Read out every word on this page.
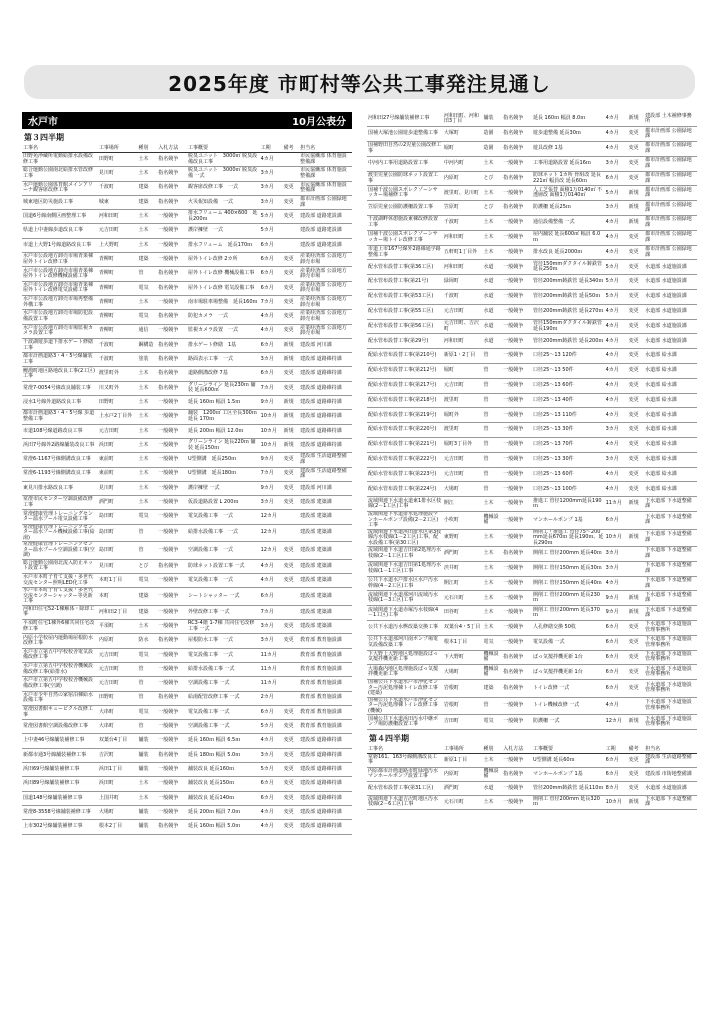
2025年度 市町村等公共工事発注見通し
水戸市	10月公表分
第３四半期
工事名	工事場所	種別	入札方法	工事概要	工期	備考	担当名
田野苑浄蔵所電動給排水設備改修工事	田野町	土木	指名競争	脱臭ユニット　3000㎥ 脱臭設備改良工事	4カ月		市民協働部 体育施設整備課
総合運動公園南北給排水管改修工事	見川町	土木	指名競争	脱臭ユニット　3000㎥ 脱臭設備 一式	3カ月		市民協働部 体育施設整備課
水戸運動公園体育館メインアリーナ観客席改修工事	千波町	建築	指名競争	観客席改修工事　一式	3カ月	変更	市民協働部 体育施設整備課
城東地区防災施設工事	城東	建築	指名競争	火災報知設備　一式	3カ月	変更	都市計画部 公園緑地課
国道6号線南側区画整理工事	河和田町	土木	一般競争	排水フリューム 400×600　延長200ｍ	5カ月	変更	建設部 道路建設課
県道上中妻線歩道改良工事	元吉田町	土木	一般競争	護岸擁壁　一式	5カ月		建設部 道路建設課
市道上大野1号線道路改良工事	上大野町	土木	一般競争	排水フリューム　延長170ｍ	6カ月		建設部 道路建設課
水戸市公設地方卸売市場青果棟屋外トイレ改修工事	青柳町	建築	一般競争	屋外トイレ改修 2カ所	6カ月	変更	産業経済部 公設地方卸売市場
水戸市公設地方卸売市場青果棟屋外トイレ改修機械設備工事	青柳町	管	指名競争	屋外トイレ改修 機械設備工事	6カ月	変更	産業経済部 公設地方卸売市場
水戸市公設地方卸売市場青果棟屋外トイレ改修電気設備工事	青柳町	電気	指名競争	屋外トイレ改修 電気設備工事	6カ月	変更	産業経済部 公設地方卸売市場
水戸市公設地方卸売市場再整備外構工事	青柳町	土木	一般競争	南市場駐車場整備　延長160ｍ	7カ月	変更	産業経済部 公設地方卸売市場
水戸市公設地方卸売市場防犯設備設置工事	青柳町	電気	指名競争	防犯カメラ　一式	4カ月	変更	産業経済部 公設地方卸売市場
水戸市公設地方卸売市場監視カメラ設置工事	青柳町	通信	一般競争	監視カメラ設置　一式	4カ月	変更	産業経済部 公設地方卸売市場
千波湖遊歩道下排水ゲート修繕工事	千波町	鋼構造	指名競争	排水ゲート修繕　1基	6カ月	新規	建設部 河川課
都市計画道路3・4・5号線舗装工事	千波町	塗装	指名競争	路面表示工事　一式	3カ月	新規	建設部 道路維持課
鯉淵町地区路地改良工事(2工区)工事	渡里町外	土木	指名競争	道路側溝改修 7基	6カ月	変更	建設部 道路維持課
常澄7-0054号線改良舗装工事	川又町外	土木	指名競争	グリーンライン 延長230ｍ 舗装 延長600㎡	7カ月	変更	建設部 道路維持課
浸水1号線外道路改良工事	田野町	土木	一般競争	延長 160ｍ 幅員 1.5ｍ	9カ月	新規	建設部 道路維持課
都市計画道路3・4・5号線 歩道整備工事	上水戸2丁目外	土木	一般競争	舗装　1200㎡ 工区全長300ｍ 延長 170ｍ	10カ月	新規	建設部 道路維持課
市道108号線道路改良工事	元吉田町	土木	一般競争	延長 200ｍ 幅員 12.0ｍ	10カ月	新規	建設部 道路維持課
浜田7号線外2路線舗装改良工事	浜田町	土木	一般競争	グリーンライン 延長220ｍ 舗装 延長150ｍ	10カ月	新規	建設部 道路維持課
常澄6-1167号線側溝改良工事	東前町	土木	一般競争	U型側溝　延長250ｍ	9カ月	変更	建設部 生活道路整備課
常澄6-1193号線側溝改良工事	東前町	土木	一般競争	U型側溝　延長180ｍ	7カ月	変更	建設部 生活道路整備課
東見川排水路改良工事	見川町	土木	一般競争	護岸擁壁 一式	9カ月	変更	建設部 河川課
常澄市民センター空調設備改修工事	酒門町	土木	一般競争	仮設道路設置 L 200ｍ	3カ月	変更	建設部 建築課
常澄健康管理トレーニングセンター温水プール電気設備工事	島田町	電気	一般競争	電気設備工事　一式	12カ月		建設部 建築課
常澄健康管理トレーニングセンター温水プール機械設備工事(給湯)	島田町	管	一般競争	給排水設備工事　一式	12カ月		建設部 建築課
常澄健康管理トレーニングセンター温水プール空調設備工事(空調)	島田町	管	一般競争	空調設備工事　一式	12カ月	変更	建設部 建築課
総合運動公園南北流入防止ネット設置工事	見川町	とび	指名競争	防球ネット設置工事 一式	4カ月	変更	建設部 建築課
水戸市本町子育て支援・多世代交流センター照明LED化工事	本町1丁目	電気	一般競争	電気設備工事　一式	4カ月	変更	建設部 建築課
水戸市本町子育て支援・多世代交流センターシャッター等更新工事	本町	建築	一般競争	シートシャッター 一式	6カ月		建設部 建築課
河和田住宅52-1棟解体・除却工事	河和田2丁目	建築	一般競争	外壁改修工事 一式	7カ月		建設部 建築課
平須町住宅1棟外6棟共同住宅改修工事	平須町	土木	一般競争	RC3-4階 1-7棟 共同住宅改修工事 一式	3カ月	変更	建設部 建築課
内原小学校屋内運動場屋根防水改修工事	内原町	防水	指名競争	屋根防水工事　一式	3カ月	変更	教育部 教育施設課
水戸市立第五中学校校舎電気設備改修工事	元吉田町	電気	一般競争	電気設備工事　一式	11カ月		教育部 教育施設課
水戸市立第五中学校校舎機械設備改修工事(給排水)	元吉田町	管	一般競争	給排水設備工事 一式	11カ月		教育部 教育施設課
水戸市立第五中学校校舎機械設備改修工事(空調)	元吉田町	管	一般競争	空調設備工事 一式	11カ月		教育部 教育施設課
水戸市少年自然の家宿泊棟給水設備工事	田野町	管	指名競争	給湯配管改修工事 一式	2カ月		教育部 教育施設課
常澄図書館キュービクル改修工事	大串町	電気	一般競争	電気設備工事 一式	6カ月	変更	教育部 教育施設課
常澄図書館空調設備改修工事	大串町	管	一般競争	空調設備工事 一式	5カ月	変更	教育部 教育施設課
上中妻46号線舗装補修工事	双葉台4丁目	舗装	一般競争	延長 160ｍ 幅員 6.5ｍ	4カ月	変更	建設部 道路維持課
新都市通3号線舗装補修工事	吉沢町	舗装	指名競争	延長 180ｍ 幅員 5.0ｍ	3カ月	変更	建設部 道路維持課
浜田69号線舗装補修工事	浜田1丁目	舗装	一般競争	舗装改良 延長160ｍ	5カ月	変更	建設部 道路維持課
浜田89号線舗装補修工事	浜田町	土木	一般競争	舗装改良 延長150ｍ	6カ月	変更	建設部 道路維持課
国道148号線舗装補修工事	上国井町	土木	一般競争	舗装改良 延長140ｍ	6カ月	変更	建設部 道路維持課
常澄8-3558号線舗装補修工事	大場町	舗装	一般競争	延長 200ｍ 幅員 7.0ｍ	4カ月	変更	建設部 道路維持課
上市302号線舗装補修工事	根本2丁目	舗装	指名競争	延長 160ｍ 幅員 5.0ｍ	4カ月	変更	建設部 道路維持課
河和田27号線舗装補修工事	河和田町、河和田3丁目	舗装	指名競争	延長 160ｍ 幅員 8.0ｍ	4カ月	新規	建設部 土木補修事務所
国補大塚池公園遊歩道整備工事	大塚町	造園	指名競争	遊歩道整備 延長30ｍ	4カ月	変更	都市計画部 公園緑地課
国補野田自然の2児童公園改修工事	堀町	造園	指名競争	遊具改修 1基	4カ月	変更	都市計画部 公園緑地課
中河内工事用道路設置工事	中河内町	土木	一般競争	工事用道路設置 延長16ｍ	3カ月	変更	都市計画部 公園緑地課
渡里児童公園防球ネット設置工事	内原町	とび	指名競争	防球ネット 1カ所 骨組改 延長221㎡ 幅員改 延長60ｍ	6カ月	変更	都市計画部 公園緑地課
国補千波公園スポレクゾーンサッカー場補修工事	渡里町、見川町	土木	一般競争	人工芝張替 面積1万0140㎡ 不透層改 面積1万0140㎡	5カ月	新規	都市計画部 公園緑地課
笠原児童公園防護柵設置工事	笠原町	とび	指名競争	防護柵 延長25ｍ	3カ月	新規	都市計画部 公園緑地課
千波湖畔休憩施設東棟改修設置工事	千波町	土木	一般競争	通信設備整備 一式	4カ月	新規	都市計画部 公園緑地課
国補千波公園スポレクゾーンサッカー場トイレ改修工事	河和田町	土木	一般競争	屋内舗装 延長600㎡ 幅員 6.0ｍ	4カ月	変更	都市計画部 公園緑地課
市道上市167号線外2路線通学路整備工事	五軒町1丁目外	土木	一般競争	排水改良 延長2000ｍ	4カ月	変更	都市計画部 公園緑地課
配水管布設替工事(第36工区)	河和田町	水道	一般競争	管径150mmダクタイル鋳鉄管 延長250ｍ	5カ月	変更	水道部 水道施設課
配水管布設替工事(第21号)	緑岡町	水道	一般競争	管径200mm鋳鉄管 延長340ｍ	5カ月	変更	水道部 水道施設課
配水管布設替工事(第53工区)	千波町	水道	一般競争	管径200mm鋳鉄管 延長50ｍ	5カ月	変更	水道部 水道施設課
配水管布設替工事(第55工区)	元吉田町	水道	一般競争	管径200mm鋳鉄管 延長270ｍ	4カ月	変更	水道部 水道施設課
配水管布設替工事(第56工区)	元吉田町、吉沢町	水道	一般競争	管径150mmダクタイル鋳鉄管 延長190ｍ	4カ月	変更	水道部 水道施設課
配水管布設替工事(第29号)	河和田町	水道	一般競争	管径200mm鋳鉄管 延長200ｍ	4カ月	変更	水道部 水道施設課
配給水管布設替工事(第210号)	新原1・2丁目	管	一般競争	口径25～13 120件	4カ月	変更	水道部 給水課
配給水管布設替工事(第212号)	堀町	管	一般競争	口径25～13 50件	4カ月	変更	水道部 給水課
配給水管布設替工事(第217号)	元吉田町	管	一般競争	口径25～13 60件	4カ月	変更	水道部 給水課
配給水管布設替工事(第218号)	渡里町	管	一般競争	口径25～13 40件	4カ月	変更	水道部 給水課
配給水管布設替工事(第219号)	堀町外	管	一般競争	口径25～13 110件	4カ月	変更	水道部 給水課
配給水管布設替工事(第220号)	渡里町	管	一般競争	口径25～13 30件	3カ月	変更	水道部 給水課
配給水管布設替工事(第221号)	堀町3丁目外	管	一般競争	口径25～13 70件	4カ月	変更	水道部 給水課
配給水管布設替工事(第222号)	元吉田町	管	一般競争	口径25～13 30件	3カ月	変更	水道部 給水課
配給水管布設替工事(第223号)	元吉田町	管	一般競争	口径25～13 60件	4カ月	変更	水道部 給水課
配給水管布設替工事(第224号)	大場町	管	一般競争	口径25～13 100件	4カ月	変更	水道部 給水課
流域関連下水道水道東1排水区枝線(2－1工区)工事	開江	土木	一般競争	推進工 管径1200mm延長190ｍ	11カ月	新規	下水道部 下水道整備課
流域関連下水道排水処理施設マンホールポンプ設備(2－2工区)工事	小吹町	機械設備	一般競争	マンホールポンプ 1基	6カ月		下水道部 下水道整備課
流域関連下水道浜田排水区第3枝線汚水枝線(1－2工区)工事、配水設備工事(第30工区)	東野町	土木	一般競争	開削工・推進工 管径75～200mm延長670ｍ 延長190ｍ、延長290ｍ	10カ月	新規	下水道部 下水道整備課
流域関連下水道吉田第2処理汚水枝線(2－1工区)工事	酒門町	土木	指名競争	開削工 管径200mm 延長40ｍ	3カ月		下水道部 下水道整備課
流域関連下水道吉田第1処理汚水枝線(1－1工区)工事	渋井町	土木	一般競争	開削工 管径150mm 延長30ｍ	3カ月		下水道部 下水道整備課
公共下水道水戸排水区水戸汚水幹線(4－2工区)工事	開江町	土木	一般競争	開削工 管径150mm 延長40ｍ	4カ月		下水道部 下水道整備課
流域関連下水道那珂川流域汚水枝線(1－3工区)工事	元石川町	土木	一般競争	開削工 管径200mm 延長230ｍ	9カ月	新規	下水道部 下水道整備課
流域関連下水道赤塚汚水枝線(4－1工区)工事	田谷町	土木	一般競争	開削工 管径200mm 延長370ｍ	9カ月	新規	下水道部 下水道整備課
公共下水道汚水桝改築交換工事	双葉台4・5丁目	土木	一般競争	人孔修繕交換 50枚	6カ月	変更	下水道部 下水道施設管理事務所
公共下水道那珂川南ポンプ場電気設備改築工事	根本1丁目	電気	一般競争	電気設備 一式	6カ月	変更	下水道部 下水道施設管理事務所
下大野上大野地区処理施設ばっ気撹拌機更新工事	下大野町	機械設備	指名競争	ばっ気撹拌機更新 1台	6カ月	変更	下水道部 下水道施設管理事務所
大場森内地区処理施設ばっ気撹拌機更新工事	大場町	機械設備	指名競争	ばっ気撹拌機更新 1台	6カ月	変更	下水道部 下水道施設管理事務所
国補公共下水道水戸市浄化センター汚泥処理棟トイレ改修工事(建築)	岩根町	建築	指名競争	トイレ改修 一式	6カ月	変更	下水道部 下水道施設管理事務所
国補公共下水道水戸市浄化センター汚泥処理棟トイレ改修工事(機械)	岩根町	管	一般競争	トイレ機械改修 一式	4カ月		下水道部 下水道施設管理事務所
国補公共下水道浜田汚水中継ポンプ場防護柵設置工事	吉田町	電気	一般競争	防護柵 一式	12カ月	新規	下水道部 下水道施設管理事務所
第４四半期
工事名	工事場所	種別	入札方法	工事概要	工期	備考	担当名
常磐161、163号線側溝改良工事	新原1丁目	土木	一般競争	U型側溝 延長60ｍ	6カ月	変更	建設部 生活道路整備課
内原都市計画道路市町緑地汚水マンホールポンプ設置工事	内原町	機械設備	指名競争	マンホールポンプ 1基	6カ月	変更	建設部 市街地整備課
配水管布設替工事(第31工区)	酒門町	水道	一般競争	管径200mm鋳鉄管 延長110ｍ	8カ月	変更	水道部 水道施設課
流域関連下水道吉沢町地区汚水枝線(2－6工区)工事	元石川町	土木	一般競争	開削工 管径200mm 延長320ｍ	10カ月	新規	下水道部 下水道整備課
